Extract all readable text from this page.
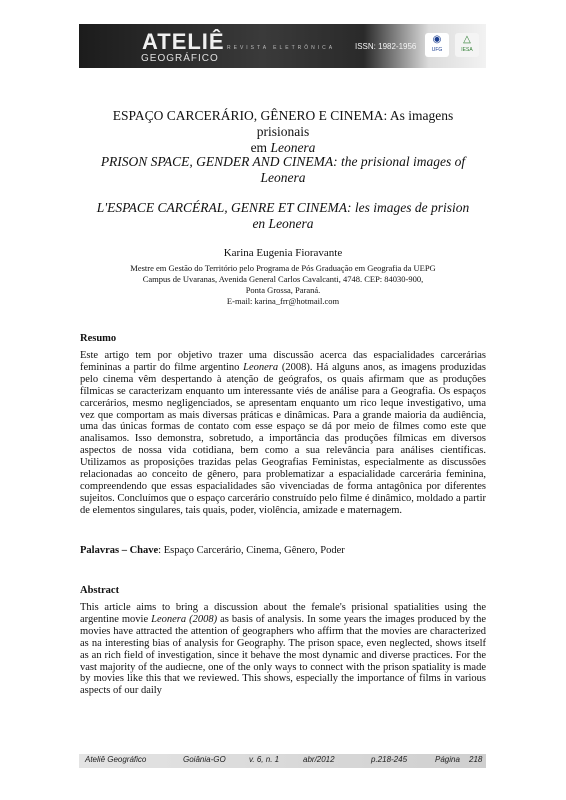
ATELIÊ
GEOGRÁFICO
REVISTA ELETRÔNICA ISSN: 1982-1956
◉
UFG
△
IESA
ESPAÇO CARCERÁRIO, GÊNERO E CINEMA: As imagens prisionais
em Leonera
PRISON SPACE, GENDER AND CINEMA: the prisional images of Leonera
L'ESPACE CARCÉRAL, GENRE ET CINEMA: les images de prision en Leonera
Karina Eugenia Fioravante
Mestre em Gestão do Território pelo Programa de Pós Graduação em Geografia da UEPG
Campus de Uvaranas, Avenida General Carlos Cavalcanti, 4748. CEP: 84030-900,
Ponta Grossa, Paraná.
E-mail: karina_frr@hotmail.com
Resumo

Este artigo tem por objetivo trazer uma discussão acerca das espacialidades carcerárias femininas a partir do filme argentino Leonera (2008). Há alguns anos, as imagens produzidas pelo cinema vêm despertando à atenção de geógrafos, os quais afirmam que as produções fílmicas se caracterizam enquanto um interessante viés de análise para a Geografia. Os espaços carcerários, mesmo negligenciados, se apresentam enquanto um rico leque investigativo, uma vez que comportam as mais diversas práticas e dinâmicas. Para a grande maioria da audiência, uma das únicas formas de contato com esse espaço se dá por meio de filmes como este que analisamos. Isso demonstra, sobretudo, a importância das produções fílmicas em diversos aspectos de nossa vida cotidiana, bem como a sua relevância para análises científicas. Utilizamos as proposições trazidas pelas Geografias Feministas, especialmente as discussões relacionadas ao conceito de gênero, para problematizar a espacialidade carcerária feminina, compreendendo que essas espacialidades são vivenciadas de forma antagônica por diferentes sujeitos. Concluímos que o espaço carcerário construído pelo filme é dinâmico, moldado a partir de elementos singulares, tais quais, poder, violência, amizade e maternagem.

Palavras – Chave: Espaço Carcerário, Cinema, Gênero, Poder
Abstract

This article aims to bring a discussion about the female's prisional spatialities using the argentine movie Leonera (2008) as basis of analysis. In some years the images produced by the movies have attracted the attention of geographers who affirm that the movies are characterized as na interesting bias of analysis for Geography. The prison space, even neglected, shows itself as an rich field of investigation, since it behave the most dynamic and diverse practices. For the vast majority of the audiecne, one of the only ways to connect with the prison spatiality is made by movies like this that we reviewed. This shows, especially the importance of films in various aspects of our daily

Ateliê Geográfico	Goiânia-GO	v. 6, n. 1	abr/2012	p.218-245	Página 218
